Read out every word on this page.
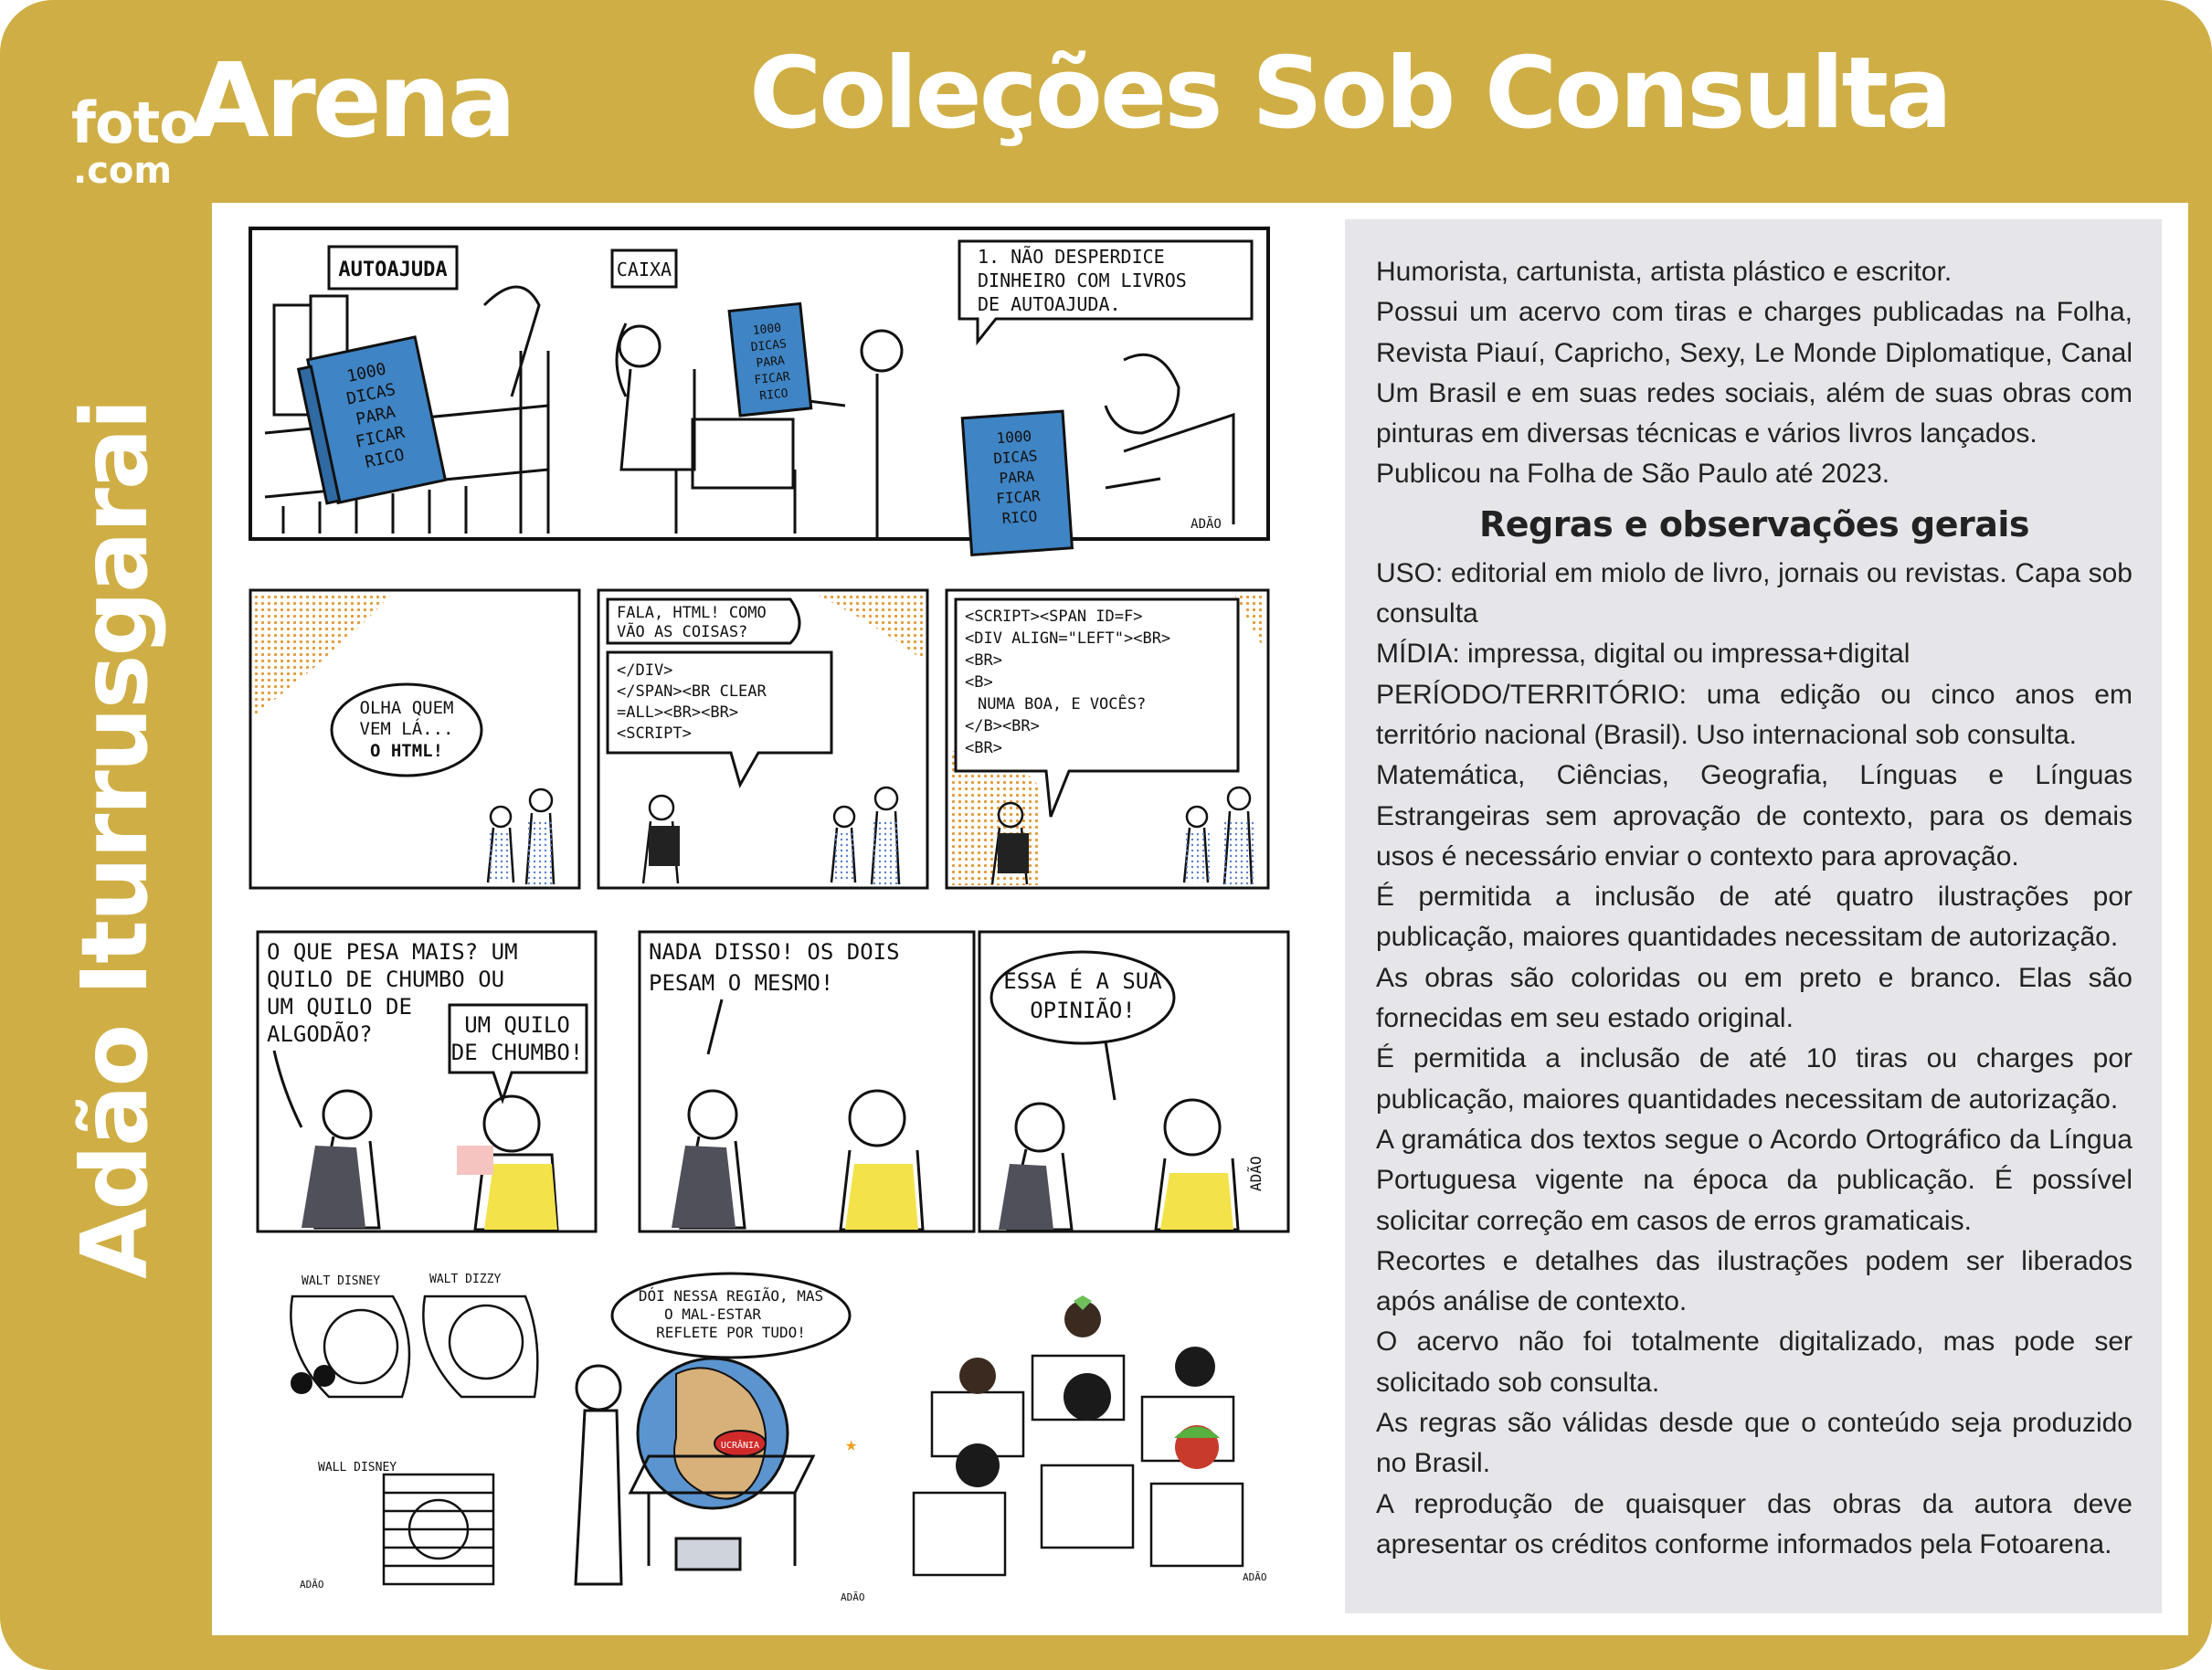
foto
Arena
.com
Coleções Sob Consulta
Adão Iturrusgarai
AUTOAJUDA
1000
DICAS
PARA
FICAR
RICO
CAIXA
1000
DICAS
PARA
FICAR
RICO
1. NÃO DESPERDICE
DINHEIRO COM LIVROS
DE AUTOAJUDA.
1000
DICAS
PARA
FICAR
RICO	ADÃO
OLHA QUEM
VEM LÁ...
O HTML!
FALA, HTML! COMO
VÃO AS COISAS?
</DIV>
</SPAN><BR CLEAR
=ALL><BR><BR>
<SCRIPT>
<SCRIPT><SPAN ID=F>
<DIV ALIGN="LEFT"><BR>
<BR>
<B>
NUMA BOA, E VOCÊS?
</B><BR>
<BR>
O QUE PESA MAIS? UM
QUILO DE CHUMBO OU
UM QUILO DE
ALGODÃO?	UM QUILO
DE CHUMBO!
NADA DISSO! OS DOIS
PESAM O MESMO!	ESSA É A SUA
OPINIÃO!
ADÃO
WALT DISNEY	WALT DIZZY
WALL DISNEY
ADÃO
DÓI NESSA REGIÃO, MAS
O MAL-ESTAR
REFLETE POR TUDO!
UCRÂNIA	★
ADÃO
ADÃO

Humorista, cartunista, artista plástico e escritor.

Possui um acervo com tiras e charges publicadas na Folha, Revista Piauí, Capricho, Sexy, Le Monde Diplomatique, Canal Um Brasil e em suas redes sociais, além de suas obras com pinturas em diversas técnicas e vários livros lançados.

Publicou na Folha de São Paulo até 2023.

Regras e observações gerais

USO: editorial em miolo de livro, jornais ou revistas. Capa sob consulta

MÍDIA: impressa, digital ou impressa+digital

PERÍODO/TERRITÓRIO: uma edição ou cinco anos em território nacional (Brasil). Uso internacional sob consulta.

Matemática, Ciências, Geografia, Línguas e Línguas Estrangeiras sem aprovação de contexto, para os demais usos é necessário enviar o contexto para aprovação.

É permitida a inclusão de até quatro ilustrações por publicação, maiores quantidades necessitam de autorização.

As obras são coloridas ou em preto e branco. Elas são fornecidas em seu estado original.

É permitida a inclusão de até 10 tiras ou charges por publicação, maiores quantidades necessitam de autorização.

A gramática dos textos segue o Acordo Ortográfico da Língua Portuguesa vigente na época da publicação. É possível solicitar correção em casos de erros gramaticais.

Recortes e detalhes das ilustrações podem ser liberados após análise de contexto.

O acervo não foi totalmente digitalizado, mas pode ser solicitado sob consulta.

As regras são válidas desde que o conteúdo seja produzido no Brasil.

A reprodução de quaisquer das obras da autora deve apresentar os créditos conforme informados pela Fotoarena.
